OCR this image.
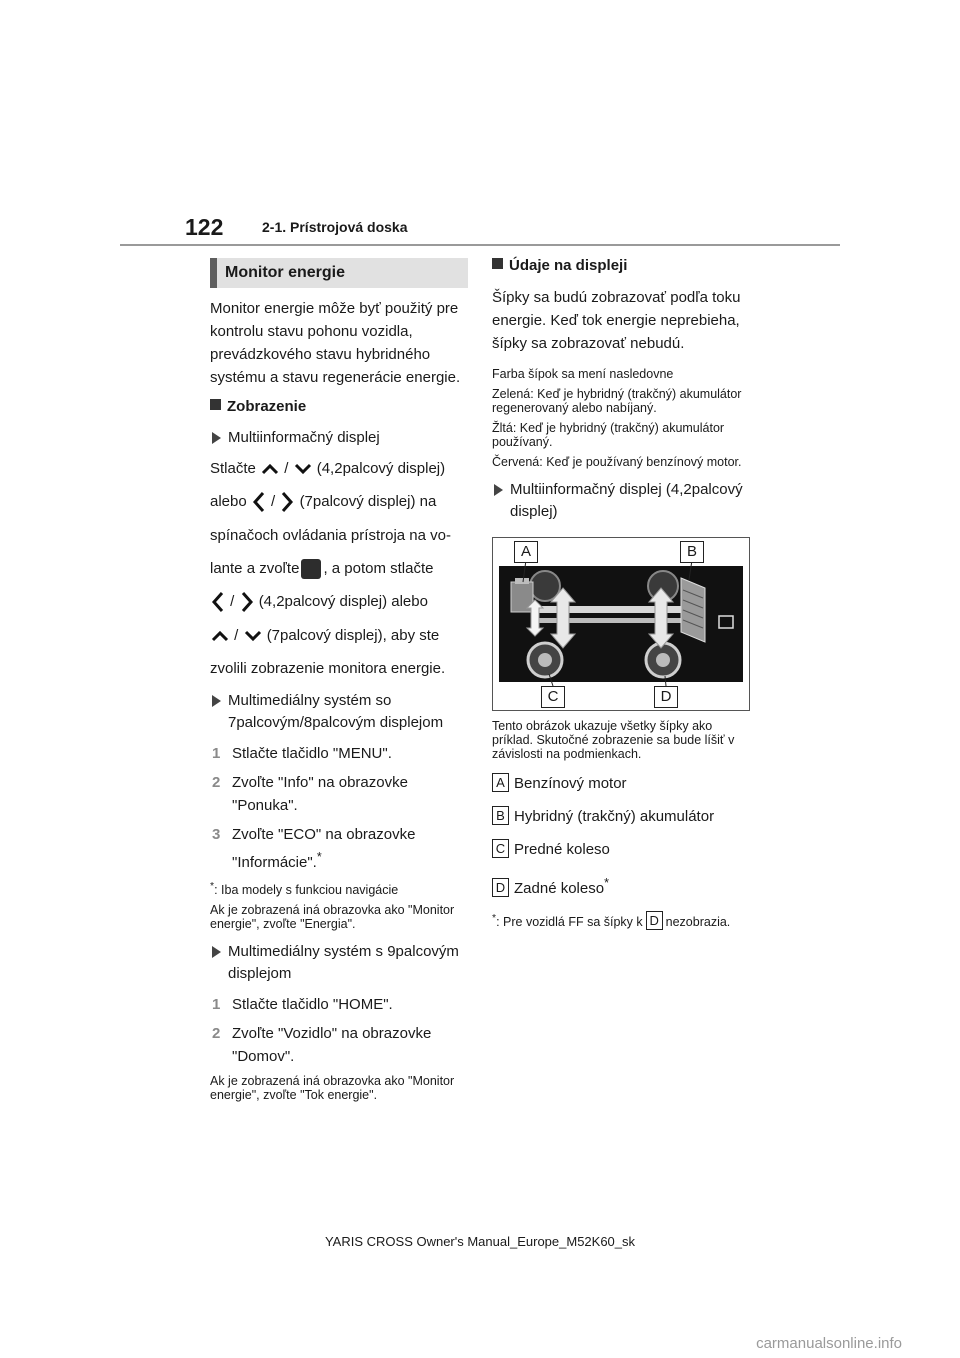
122	2-1. Prístrojová doska
Monitor energie

Monitor energie môže byť použitý pre kontrolu stavu pohonu vozidla, prevádzkového stavu hybridného systému a stavu regenerácie energie.

Zobrazenie
Multiinformačný displej
Stlačte / (4,2palcový displej)
alebo / (7palcový displej) na
spínačoch ovládania prístroja na vo-
lante a zvoľte , a potom stlačte
/ (4,2palcový displej) alebo
/ (7palcový displej), aby ste
zvolili zobrazenie monitora energie.
Multimediálny systém so 7palcovým/8palcovým displejom
1 Stlačte tlačidlo "MENU".
2 Zvoľte "Info" na obrazovke "Ponuka".
3 Zvoľte "ECO" na obrazovke "Informácie".*

*: Iba modely s funkciou navigácie

Ak je zobrazená iná obrazovka ako "Monitor energie", zvoľte "Energia".

Multimediálny systém s 9palcovým displejom
1 Stlačte tlačidlo "HOME".
2 Zvoľte "Vozidlo" na obrazovke "Domov".

Ak je zobrazená iná obrazovka ako "Monitor energie", zvoľte "Tok energie".

Údaje na displeji

Šípky sa budú zobrazovať podľa toku energie. Keď tok energie neprebieha, šípky sa zobrazovať nebudú.

Farba šípok sa mení nasledovne

Zelená: Keď je hybridný (trakčný) akumulátor regenerovaný alebo nabíjaný.

Žltá: Keď je hybridný (trakčný) akumulátor používaný.

Červená: Keď je používaný benzínový motor.

Multiinformačný displej (4,2palcový displej)
A	B
C	D

Tento obrázok ukazuje všetky šípky ako príklad. Skutočné zobrazenie sa bude líšiť v závislosti na podmienkach.

A Benzínový motor
B Hybridný (trakčný) akumulátor
C Predné koleso
D Zadné koleso*

*: Pre vozidlá FF sa šípky k D nezobrazia.

YARIS CROSS Owner's Manual_Europe_M52K60_sk
carmanualsonline.info
